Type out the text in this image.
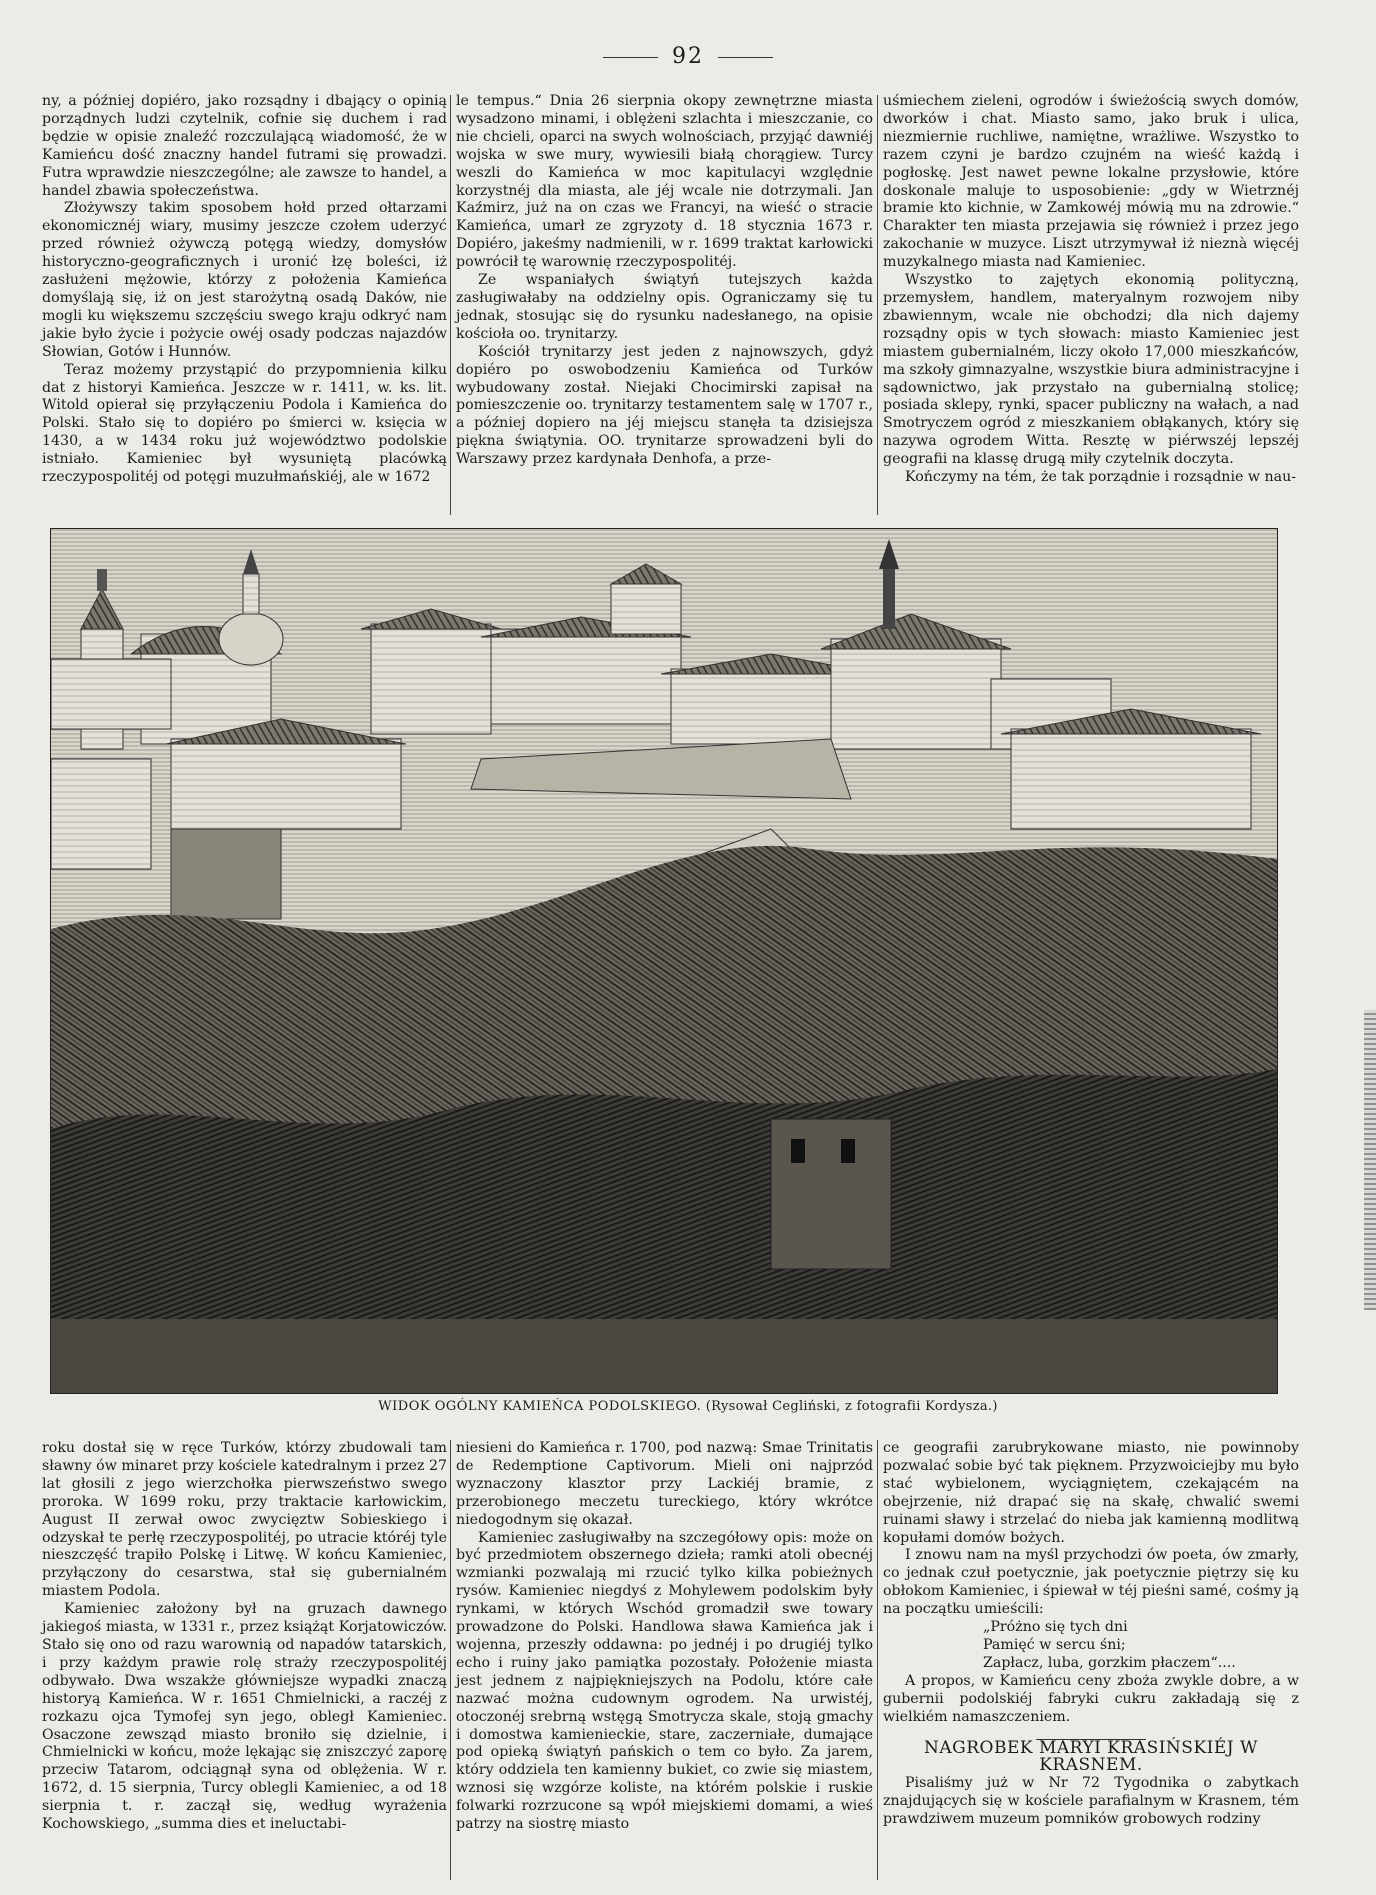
92

ny, a później dopiéro, jako rozsądny i dbający o opinią porządnych ludzi czytelnik, cofnie się duchem i rad będzie w opisie znaleźć rozczulającą wiadomość, że w Kamieńcu dość znaczny handel futrami się prowadzi. Futra wprawdzie nieszczególne; ale zawsze to handel, a handel zbawia społeczeństwa.

Złożywszy takim sposobem hołd przed ołtarzami ekonomicznéj wiary, musimy jeszcze czołem uderzyć przed również ożywczą potęgą wiedzy, domysłów historyczno-geograficznych i uronić łzę boleści, iż zasłużeni mężowie, którzy z położenia Kamieńca domyślają się, iż on jest starożytną osadą Daków, nie mogli ku większemu szczęściu swego kraju odkryć nam jakie było życie i pożycie owéj osady podczas najazdów Słowian, Gotów i Hunnów.

Teraz możemy przystąpić do przypomnienia kilku dat z historyi Kamieńca. Jeszcze w r. 1411, w. ks. lit. Witold opierał się przyłączeniu Podola i Kamieńca do Polski. Stało się to dopiéro po śmierci w. księcia w 1430, a w 1434 roku już województwo podolskie istniało. Kamieniec był wysuniętą placówką rzeczypospolitéj od potęgi muzułmańskiéj, ale w 1672

le tempus.“ Dnia 26 sierpnia okopy zewnętrzne miasta wysadzono minami, i oblężeni szlachta i mieszczanie, co nie chcieli, oparci na swych wolnościach, przyjąć dawniéj wojska w swe mury, wywiesili białą chorągiew. Turcy weszli do Kamieńca w moc kapitulacyi względnie korzystnéj dla miasta, ale jéj wcale nie dotrzymali. Jan Kaźmirz, już na on czas we Francyi, na wieść o stracie Kamieńca, umarł ze zgryzoty d. 18 stycznia 1673 r. Dopiéro, jakeśmy nadmienili, w r. 1699 traktat karłowicki powrócił tę warownię rzeczypospolitéj.

Ze wspaniałych świątyń tutejszych każda zasługiwałaby na oddzielny opis. Ograniczamy się tu jednak, stosując się do rysunku nadesłanego, na opisie kościoła oo. trynitarzy.

Kościół trynitarzy jest jeden z najnowszych, gdyż dopiéro po oswobodzeniu Kamieńca od Turków wybudowany został. Niejaki Chocimirski zapisał na pomieszczenie oo. trynitarzy testamentem salę w 1707 r., a później dopiero na jéj miejscu stanęła ta dzisiejsza piękna świątynia. OO. trynitarze sprowadzeni byli do Warszawy przez kardynała Denhofa, a prze-

uśmiechem zieleni, ogrodów i świeżością swych domów, dworków i chat. Miasto samo, jako bruk i ulica, niezmiernie ruchliwe, namiętne, wrażliwe. Wszystko to razem czyni je bardzo czujném na wieść każdą i pogłoskę. Jest nawet pewne lokalne przysłowie, które doskonale maluje to usposobienie: „gdy w Wietrznéj bramie kto kichnie, w Zamkowéj mówią mu na zdrowie.“ Charakter ten miasta przejawia się również i przez jego zakochanie w muzyce. Liszt utrzymywał iż nieznà więcéj muzykalnego miasta nad Kamieniec.

Wszystko to zajętych ekonomią polityczną, przemysłem, handlem, materyalnym rozwojem niby zbawiennym, wcale nie obchodzi; dla nich dajemy rozsądny opis w tych słowach: miasto Kamieniec jest miastem gubernialném, liczy około 17,000 mieszkańców, ma szkoły gimnazyalne, wszystkie biura administracyjne i sądownictwo, jak przystało na gubernialną stolicę; posiada sklepy, rynki, spacer publiczny na wałach, a nad Smotryczem ogród z mieszkaniem obłąkanych, który się nazywa ogrodem Witta. Resztę w piérwszéj lepszéj geografii na klassę drugą miły czytelnik doczyta.

Kończymy na tém, że tak porządnie i rozsądnie w nau-

WIDOK OGÓLNY KAMIEŃCA PODOLSKIEGO. (Rysował Cegliński, z fotografii Kordysza.)

roku dostał się w ręce Turków, którzy zbudowali tam sławny ów minaret przy kościele katedralnym i przez 27 lat głosili z jego wierzchołka pierwszeństwo swego proroka. W 1699 roku, przy traktacie karłowickim, August II zerwał owoc zwycięztw Sobieskiego i odzyskał te perłę rzeczypospolitéj, po utracie któréj tyle nieszczęść trapiło Polskę i Litwę. W końcu Kamieniec, przyłączony do cesarstwa, stał się gubernialném miastem Podola.

Kamieniec założony był na gruzach dawnego jakiegoś miasta, w 1331 r., przez książąt Korjatowiczów. Stało się ono od razu warownią od napadów tatarskich, i przy każdym prawie rolę straży rzeczypospolitéj odbywało. Dwa wszakże główniejsze wypadki znaczą historyą Kamieńca. W r. 1651 Chmielnicki, a raczéj z rozkazu ojca Tymofej syn jego, obległ Kamieniec. Osaczone zewsząd miasto broniło się dzielnie, i Chmielnicki w końcu, może lękając się zniszczyć zaporę przeciw Tatarom, odciągnął syna od oblężenia. W r. 1672, d. 15 sierpnia, Turcy oblegli Kamieniec, a od 18 sierpnia t. r. zaczął się, według wyrażenia Kochowskiego, „summa dies et ineluctabi-

niesieni do Kamieńca r. 1700, pod nazwą: Smae Trinitatis de Redemptione Captivorum. Mieli oni najprzód wyznaczony klasztor przy Lackiéj bramie, z przerobionego meczetu tureckiego, który wkrótce niedogodnym się okazał.

Kamieniec zasługiwałby na szczegółowy opis: może on być przedmiotem obszernego dzieła; ramki atoli obecnéj wzmianki pozwalają mi rzucić tylko kilka pobieżnych rysów. Kamieniec niegdyś z Mohylewem podolskim były rynkami, w których Wschód gromadził swe towary prowadzone do Polski. Handlowa sława Kamieńca jak i wojenna, przeszły oddawna: po jednéj i po drugiéj tylko echo i ruiny jako pamiątka pozostały. Położenie miasta jest jednem z najpiękniejszych na Podolu, które całe nazwać można cudownym ogrodem. Na urwistéj, otoczonéj srebrną wstęgą Smotrycza skale, stoją gmachy i domostwa kamienieckie, stare, zaczerniałe, dumające pod opieką świątyń pańskich o tem co było. Za jarem, który oddziela ten kamienny bukiet, co zwie się miastem, wznosi się wzgórze koliste, na którém polskie i ruskie folwarki rozrzucone są wpół miejskiemi domami, a wieś patrzy na siostrę miasto

ce geografii zarubrykowane miasto, nie powinnoby pozwalać sobie być tak pięknem. Przyzwoiciejby mu było stać wybielonem, wyciągniętem, czekającém na obejrzenie, niż drapać się na skałę, chwalić swemi ruinami sławy i strzelać do nieba jak kamienną modlitwą kopułami domów bożych.

I znowu nam na myśl przychodzi ów poeta, ów zmarły, co jednak czuł poetycznie, jak poetycznie piętrzy się ku obłokom Kamieniec, i śpiewał w téj pieśni samé, cośmy ją na początku umieścili:

„Próżno się tych dni

Pamięć w sercu śni;

Zapłacz, luba, gorzkim płaczem“....

A propos, w Kamieńcu ceny zboża zwykle dobre, a w gubernii podolskiéj fabryki cukru zakładają się z wielkiém namaszczeniem.

NAGROBEK MARYI KRASIŃSKIÉJ W KRASNEM.

Pisaliśmy już w Nr 72 Tygodnika o zabytkach znajdujących się w kościele parafialnym w Krasnem, tém prawdziwem muzeum pomników grobowych rodziny
